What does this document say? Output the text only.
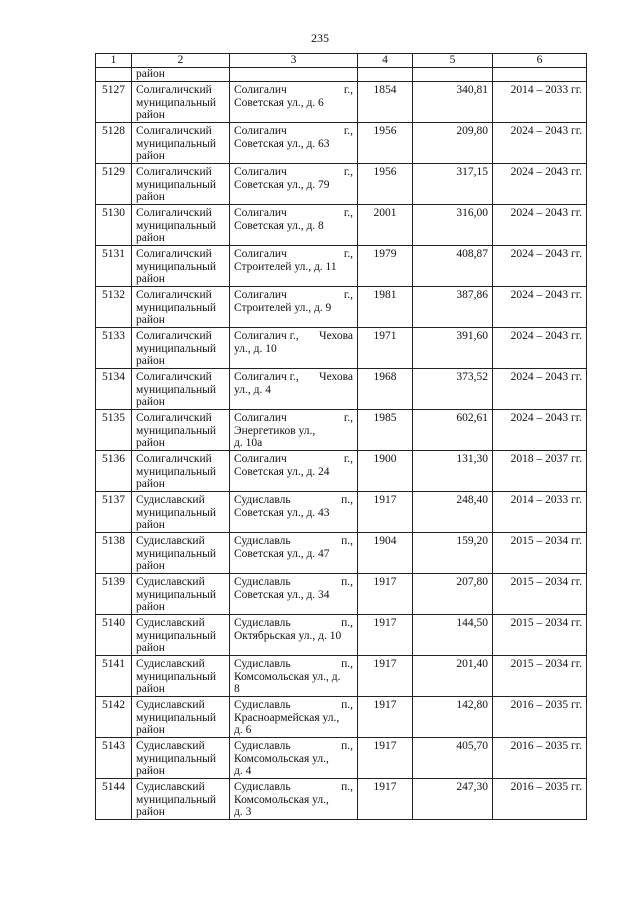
235
1	2	3	4	5	6
	район				
5127	Солигаличский
муниципальный
район	Солигалич г.,
Советская ул., д. 6	1854	340,81	2014 – 2033 гг.
5128	Солигаличский
муниципальный
район	Солигалич г.,
Советская ул., д. 63	1956	209,80	2024 – 2043 гг.
5129	Солигаличский
муниципальный
район	Солигалич г.,
Советская ул., д. 79	1956	317,15	2024 – 2043 гг.
5130	Солигаличский
муниципальный
район	Солигалич г.,
Советская ул., д. 8	2001	316,00	2024 – 2043 гг.
5131	Солигаличский
муниципальный
район	Солигалич г.,
Строителей ул., д. 11	1979	408,87	2024 – 2043 гг.
5132	Солигаличский
муниципальный
район	Солигалич г.,
Строителей ул., д. 9	1981	387,86	2024 – 2043 гг.
5133	Солигаличский
муниципальный
район	Солигалич г., Чехова
ул., д. 10	1971	391,60	2024 – 2043 гг.
5134	Солигаличский
муниципальный
район	Солигалич г., Чехова
ул., д. 4	1968	373,52	2024 – 2043 гг.
5135	Солигаличский
муниципальный
район	Солигалич г.,
Энергетиков ул.,
д. 10а	1985	602,61	2024 – 2043 гг.
5136	Солигаличский
муниципальный
район	Солигалич г.,
Советская ул., д. 24	1900	131,30	2018 – 2037 гг.
5137	Судиславский
муниципальный
район	Судиславль п.,
Советская ул., д. 43	1917	248,40	2014 – 2033 гг.
5138	Судиславский
муниципальный
район	Судиславль п.,
Советская ул., д. 47	1904	159,20	2015 – 2034 гг.
5139	Судиславский
муниципальный
район	Судиславль п.,
Советская ул., д. 34	1917	207,80	2015 – 2034 гг.
5140	Судиславский
муниципальный
район	Судиславль п.,
Октябрьская ул., д. 10	1917	144,50	2015 – 2034 гг.
5141	Судиславский
муниципальный
район	Судиславль п.,
Комсомольская ул., д.
8	1917	201,40	2015 – 2034 гг.
5142	Судиславский
муниципальный
район	Судиславль п.,
Красноармейская ул.,
д. 6	1917	142,80	2016 – 2035 гг.
5143	Судиславский
муниципальный
район	Судиславль п.,
Комсомольская ул.,
д. 4	1917	405,70	2016 – 2035 гг.
5144	Судиславский
муниципальный
район	Судиславль п.,
Комсомольская ул.,
д. 3	1917	247,30	2016 – 2035 гг.
